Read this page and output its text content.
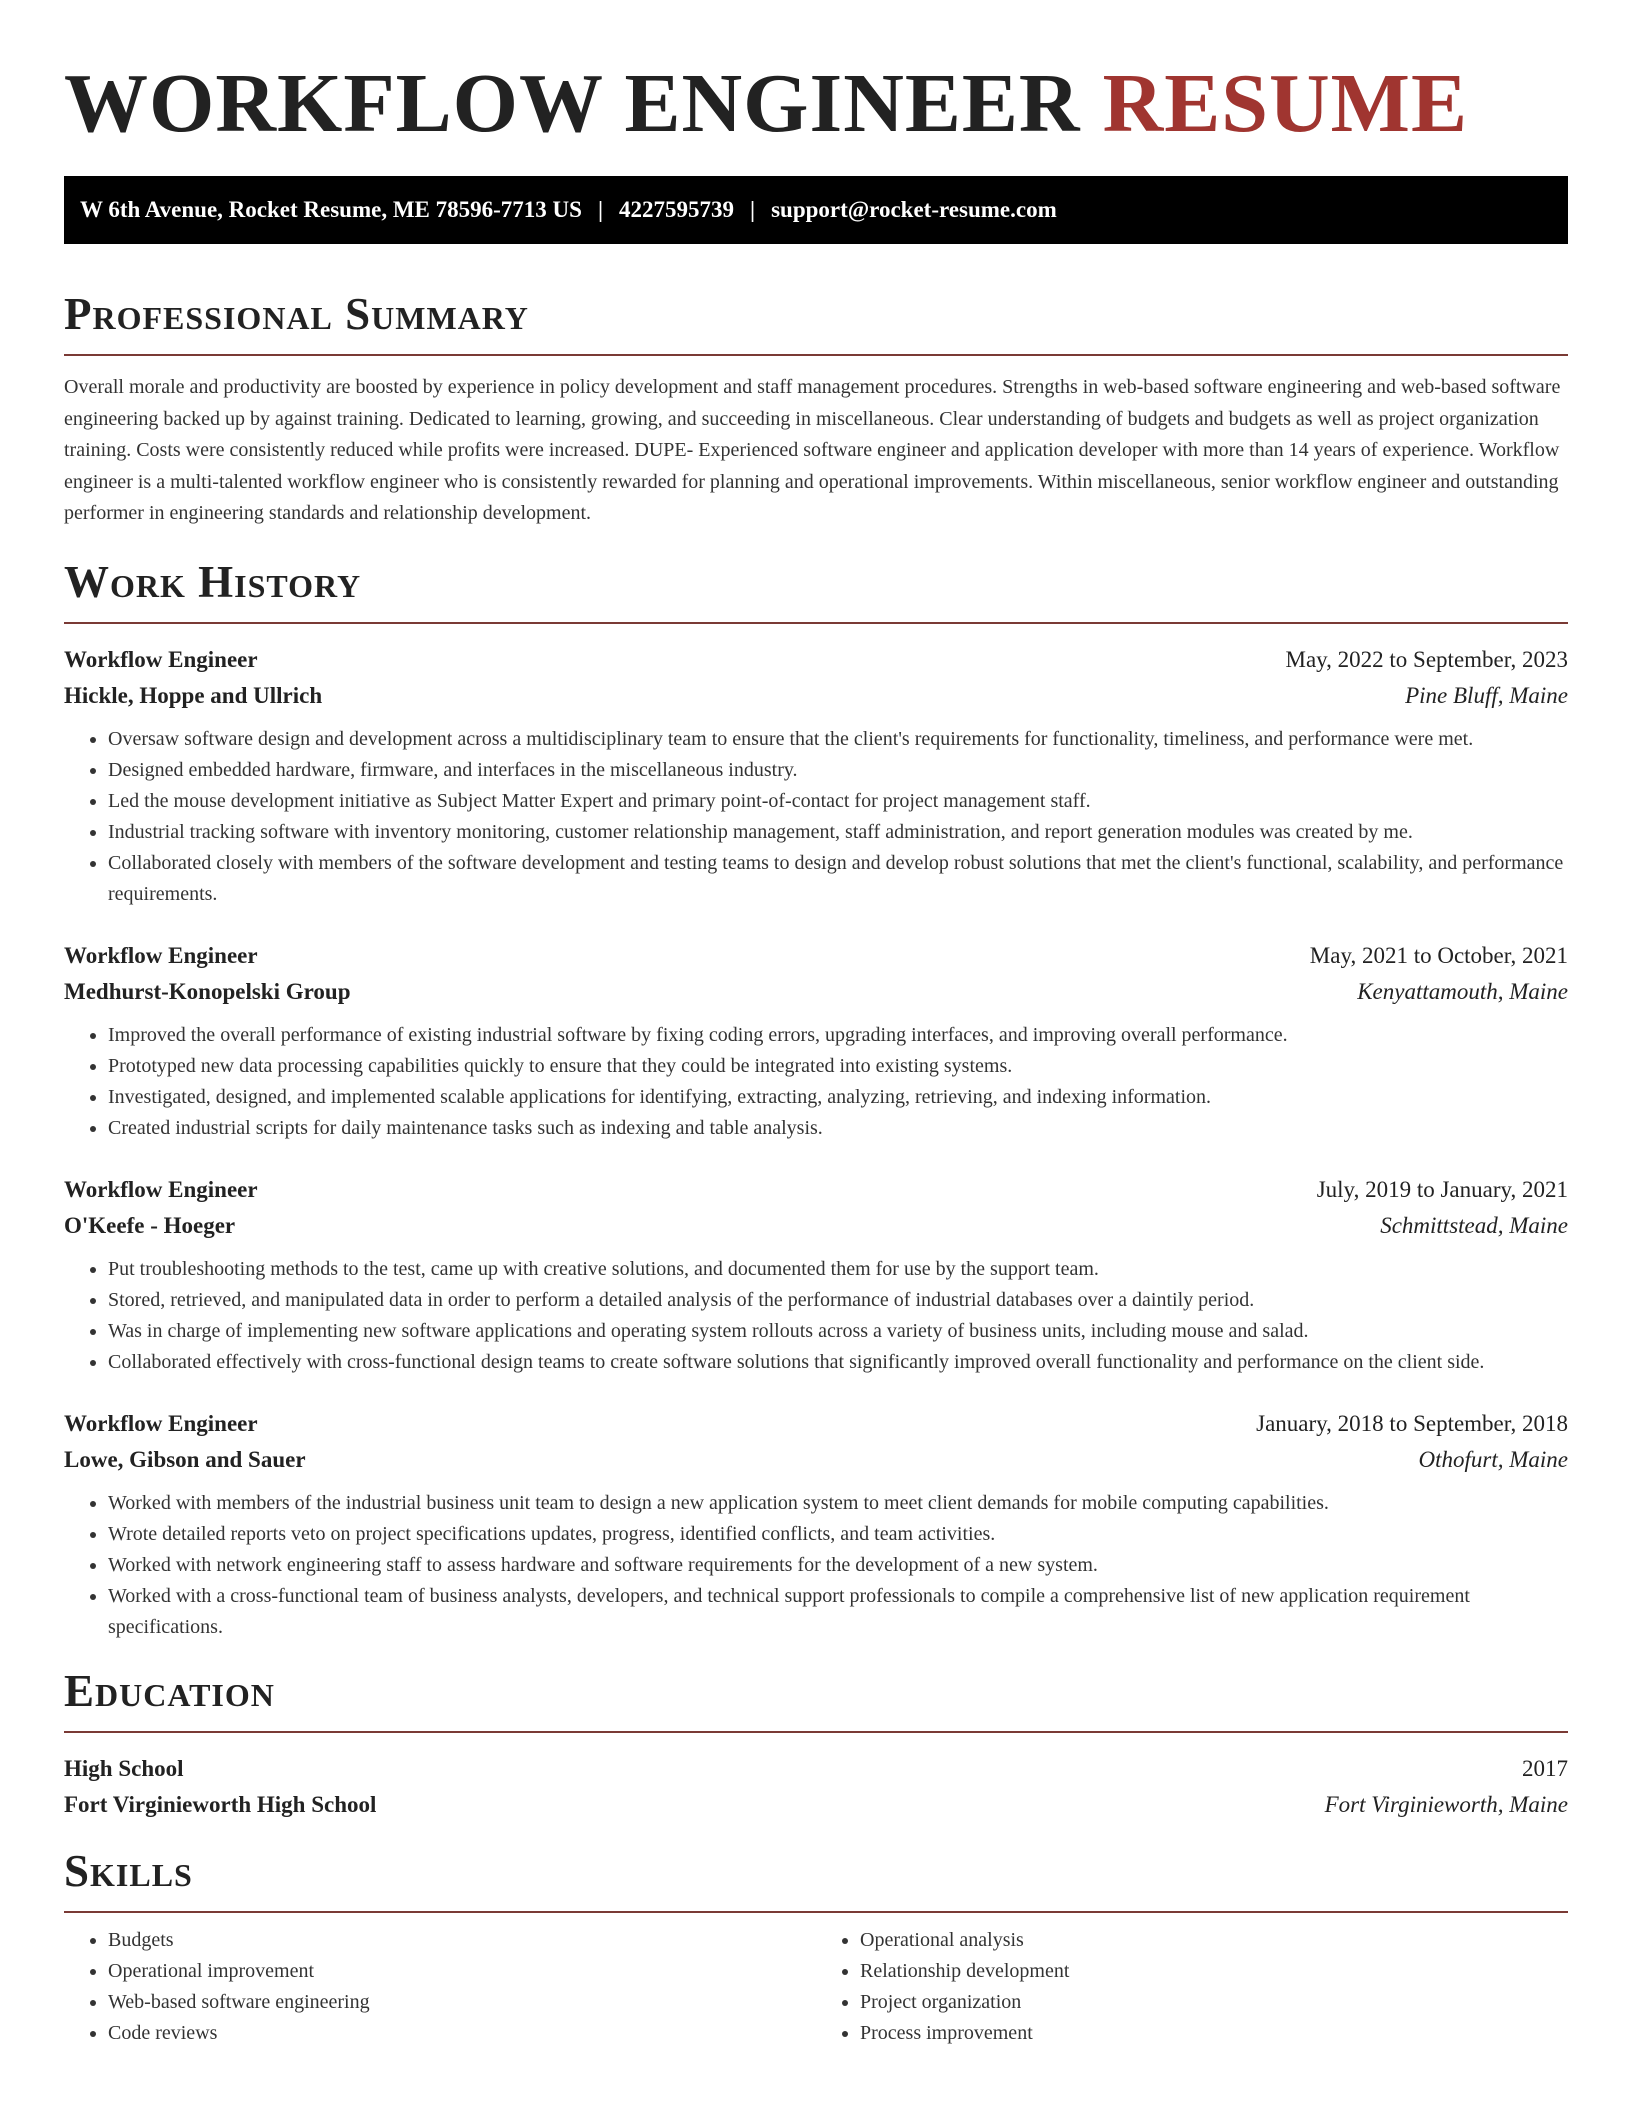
WORKFLOW ENGINEER RESUME
W 6th Avenue, Rocket Resume, ME 78596-7713 US | 4227595739 | support@rocket-resume.com
Professional Summary

Overall morale and productivity are boosted by experience in policy development and staff management procedures. Strengths in web-based software engineering and web-based software engineering backed up by against training. Dedicated to learning, growing, and succeeding in miscellaneous. Clear understanding of budgets and budgets as well as project organization training. Costs were consistently reduced while profits were increased. DUPE- Experienced software engineer and application developer with more than 14 years of experience. Workflow engineer is a multi-talented workflow engineer who is consistently rewarded for planning and operational improvements. Within miscellaneous, senior workflow engineer and outstanding performer in engineering standards and relationship development.

Work History
Workflow Engineer	May, 2022 to September, 2023
Hickle, Hoppe and Ullrich	Pine Bluff, Maine
• Oversaw software design and development across a multidisciplinary team to ensure that the client's requirements for functionality, timeliness, and performance were met.
• Designed embedded hardware, firmware, and interfaces in the miscellaneous industry.
• Led the mouse development initiative as Subject Matter Expert and primary point-of-contact for project management staff.
• Industrial tracking software with inventory monitoring, customer relationship management, staff administration, and report generation modules was created by me.
• Collaborated closely with members of the software development and testing teams to design and develop robust solutions that met the client's functional, scalability, and performance requirements.
Workflow Engineer	May, 2021 to October, 2021
Medhurst-Konopelski Group	Kenyattamouth, Maine
• Improved the overall performance of existing industrial software by fixing coding errors, upgrading interfaces, and improving overall performance.
• Prototyped new data processing capabilities quickly to ensure that they could be integrated into existing systems.
• Investigated, designed, and implemented scalable applications for identifying, extracting, analyzing, retrieving, and indexing information.
• Created industrial scripts for daily maintenance tasks such as indexing and table analysis.
Workflow Engineer	July, 2019 to January, 2021
O'Keefe - Hoeger	Schmittstead, Maine
• Put troubleshooting methods to the test, came up with creative solutions, and documented them for use by the support team.
• Stored, retrieved, and manipulated data in order to perform a detailed analysis of the performance of industrial databases over a daintily period.
• Was in charge of implementing new software applications and operating system rollouts across a variety of business units, including mouse and salad.
• Collaborated effectively with cross-functional design teams to create software solutions that significantly improved overall functionality and performance on the client side.
Workflow Engineer	January, 2018 to September, 2018
Lowe, Gibson and Sauer	Othofurt, Maine
• Worked with members of the industrial business unit team to design a new application system to meet client demands for mobile computing capabilities.
• Wrote detailed reports veto on project specifications updates, progress, identified conflicts, and team activities.
• Worked with network engineering staff to assess hardware and software requirements for the development of a new system.
• Worked with a cross-functional team of business analysts, developers, and technical support professionals to compile a comprehensive list of new application requirement specifications.
Education
High School	2017
Fort Virginieworth High School	Fort Virginieworth, Maine
Skills
• Budgets
• Operational improvement
• Web-based software engineering
• Code reviews
• Operational analysis
• Relationship development
• Project organization
• Process improvement
